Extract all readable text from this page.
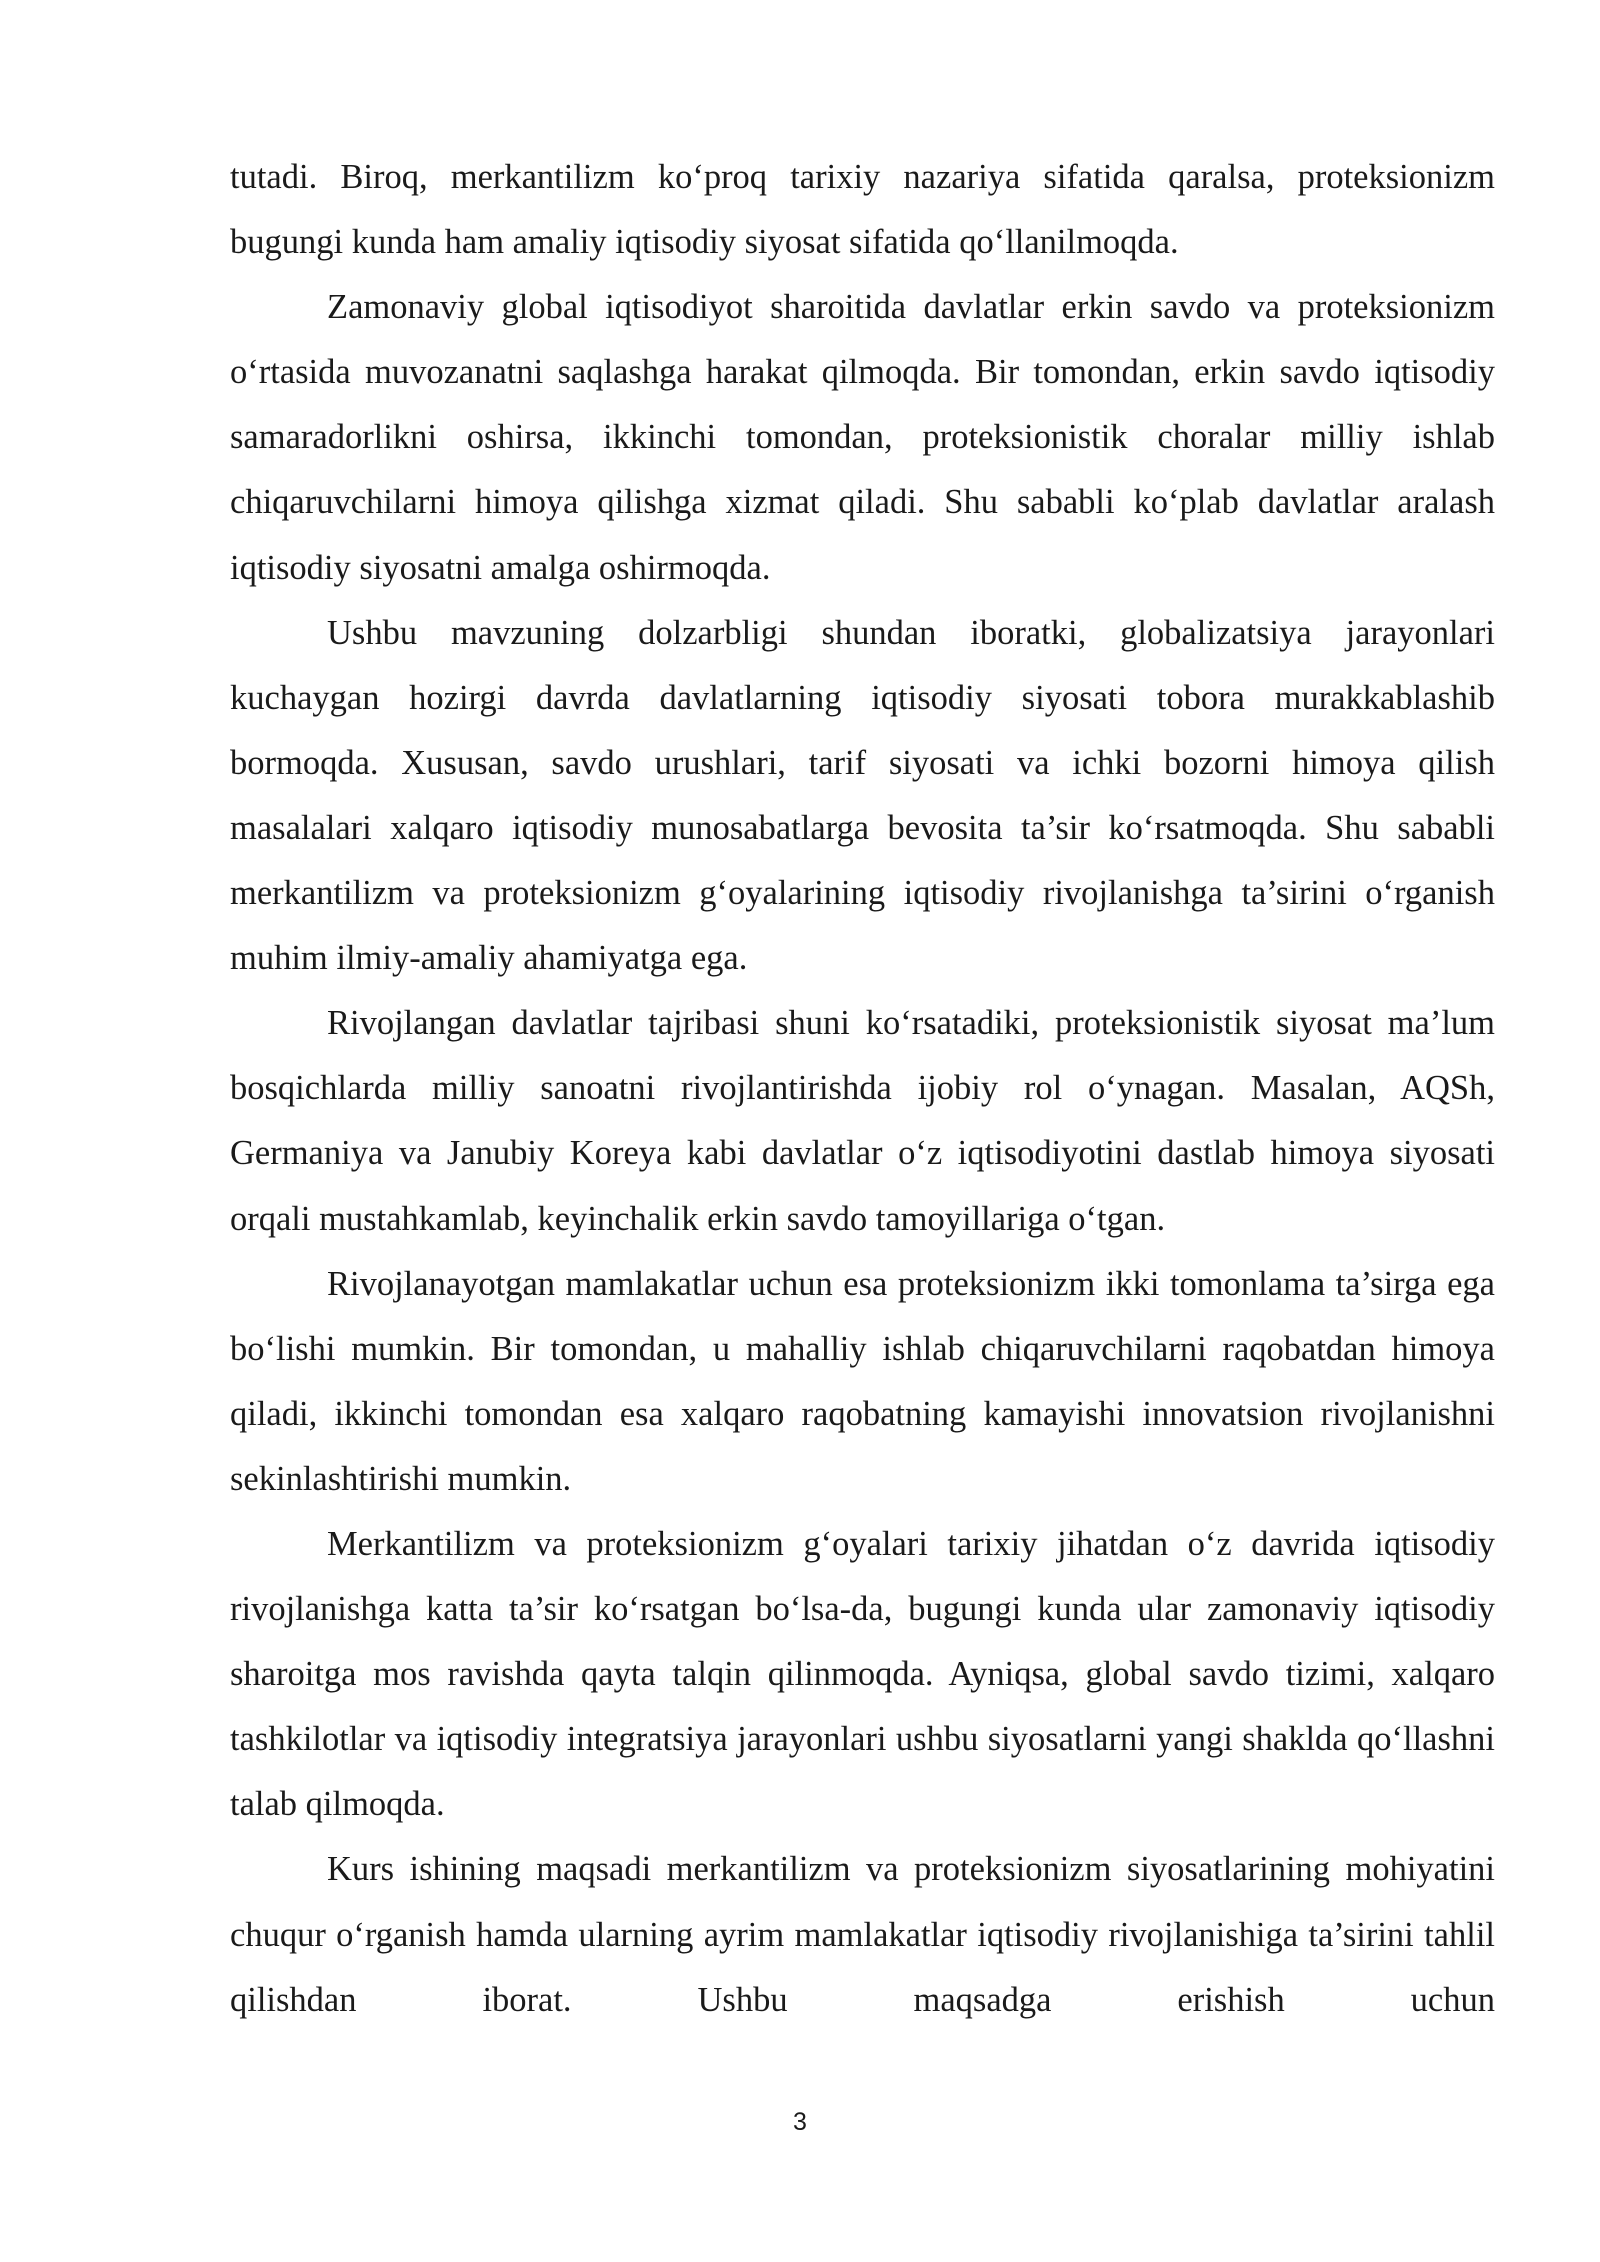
tutadi. Biroq, merkantilizm ko‘proq tarixiy nazariya sifatida qaralsa, proteksionizm bugungi kunda ham amaliy iqtisodiy siyosat sifatida qo‘llanilmoqda.

Zamonaviy global iqtisodiyot sharoitida davlatlar erkin savdo va proteksionizm o‘rtasida muvozanatni saqlashga harakat qilmoqda. Bir tomondan, erkin savdo iqtisodiy samaradorlikni oshirsa, ikkinchi tomondan, proteksionistik choralar milliy ishlab chiqaruvchilarni himoya qilishga xizmat qiladi. Shu sababli ko‘plab davlatlar aralash iqtisodiy siyosatni amalga oshirmoqda.

Ushbu mavzuning dolzarbligi shundan iboratki, globalizatsiya jarayonlari kuchaygan hozirgi davrda davlatlarning iqtisodiy siyosati tobora murakkablashib bormoqda. Xususan, savdo urushlari, tarif siyosati va ichki bozorni himoya qilish masalalari xalqaro iqtisodiy munosabatlarga bevosita ta’sir ko‘rsatmoqda. Shu sababli merkantilizm va proteksionizm g‘oyalarining iqtisodiy rivojlanishga ta’sirini o‘rganish muhim ilmiy-amaliy ahamiyatga ega.

Rivojlangan davlatlar tajribasi shuni ko‘rsatadiki, proteksionistik siyosat ma’lum bosqichlarda milliy sanoatni rivojlantirishda ijobiy rol o‘ynagan. Masalan, AQSh, Germaniya va Janubiy Koreya kabi davlatlar o‘z iqtisodiyotini dastlab himoya siyosati orqali mustahkamlab, keyinchalik erkin savdo tamoyillariga o‘tgan.

Rivojlanayotgan mamlakatlar uchun esa proteksionizm ikki tomonlama ta’sirga ega bo‘lishi mumkin. Bir tomondan, u mahalliy ishlab chiqaruvchilarni raqobatdan himoya qiladi, ikkinchi tomondan esa xalqaro raqobatning kamayishi innovatsion rivojlanishni sekinlashtirishi mumkin.

Merkantilizm va proteksionizm g‘oyalari tarixiy jihatdan o‘z davrida iqtisodiy rivojlanishga katta ta’sir ko‘rsatgan bo‘lsa-da, bugungi kunda ular zamonaviy iqtisodiy sharoitga mos ravishda qayta talqin qilinmoqda. Ayniqsa, global savdo tizimi, xalqaro tashkilotlar va iqtisodiy integratsiya jarayonlari ushbu siyosatlarni yangi shaklda qo‘llashni talab qilmoqda.

Kurs ishining maqsadi merkantilizm va proteksionizm siyosatlarining mohiyatini chuqur o‘rganish hamda ularning ayrim mamlakatlar iqtisodiy rivojlanishiga ta’sirini tahlil qilishdan iborat. Ushbu maqsadga erishish uchun

3
